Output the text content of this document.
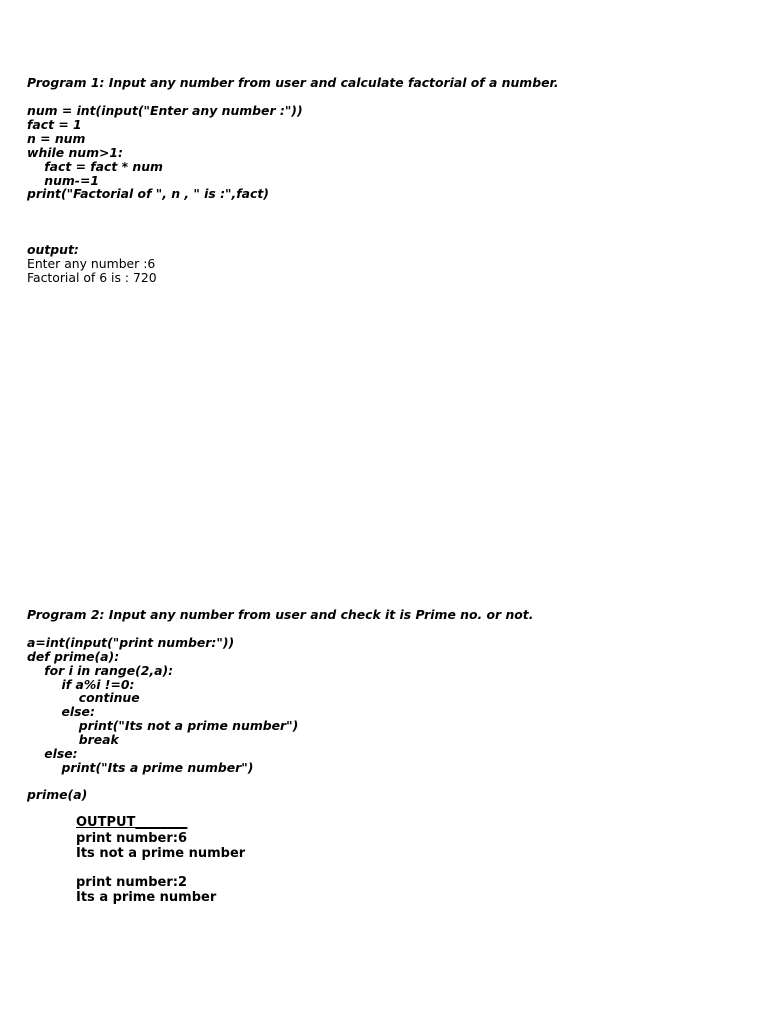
Program 1: Input any number from user and calculate factorial of a number.
num = int(input("Enter any number :"))
fact = 1
n = num
while num>1:
fact = fact * num
num-=1
print("Factorial of ", n , " is :",fact)
output:
Enter any number :6
Factorial of 6 is : 720
Program 2: Input any number from user and check it is Prime no. or not.
a=int(input("print number:"))
def prime(a):
for i in range(2,a):
if a%i !=0:
continue
else:
print("Its not a prime number")
break
else:
print("Its a prime number")
prime(a)
OUTPUT________
print number:6
Its not a prime number
print number:2
Its a prime number
